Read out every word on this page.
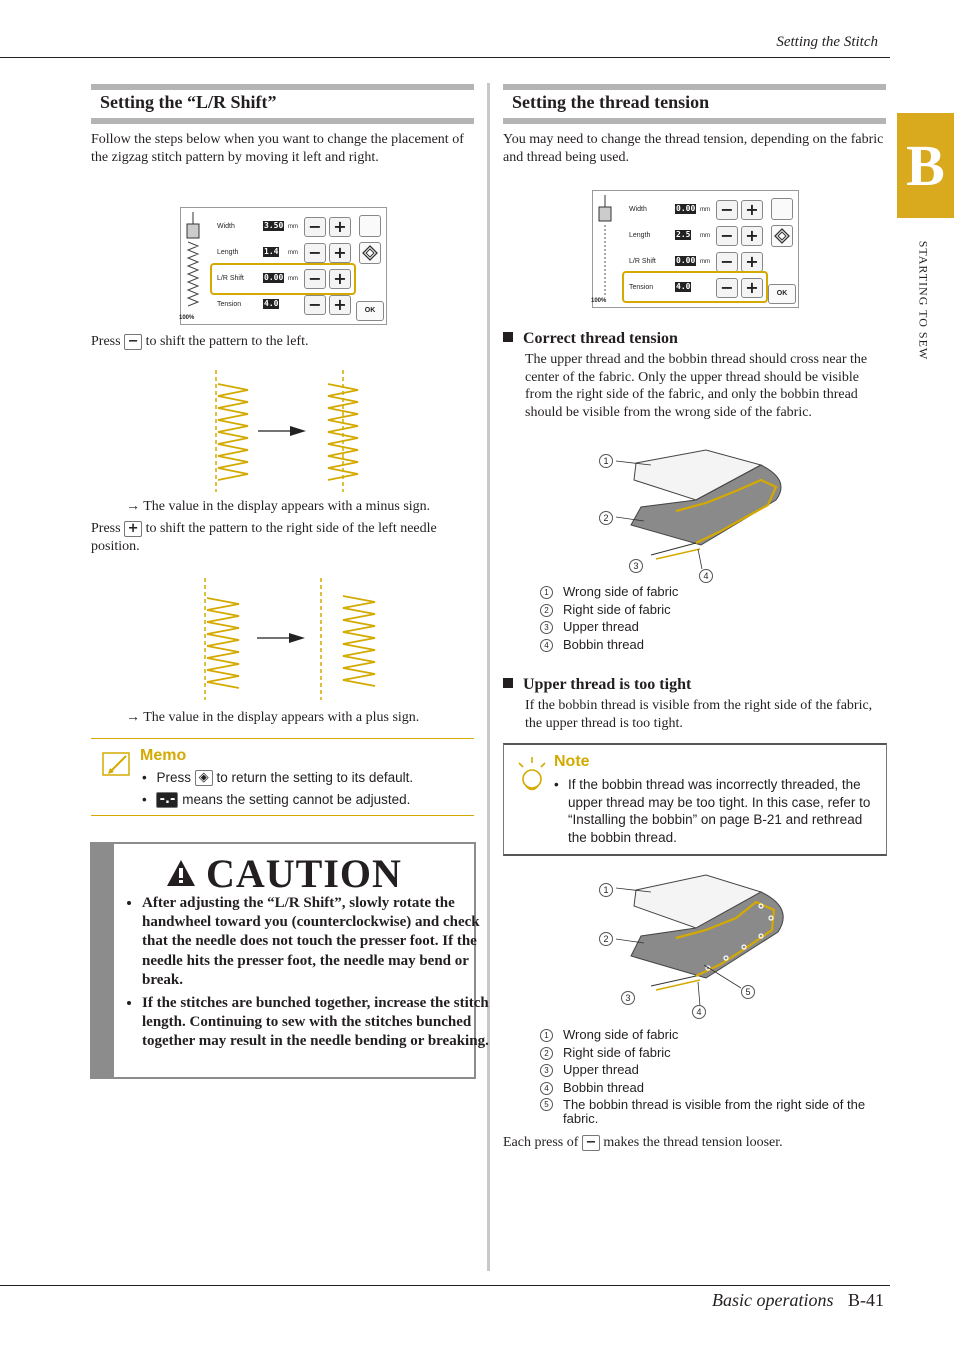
Setting the Stitch
B
STARTING TO SEW
Setting the “L/R Shift”
Follow the steps below when you want to change the placement of the zigzag stitch pattern by moving it left and right.
100%
Width	3.50 mm − +
Length	1.4 mm − +
L/R Shift	0.00 mm − +
Tension	4.0 − +	OK
Press − to shift the pattern to the left.
→ The value in the display appears with a minus sign.
Press + to shift the pattern to the right side of the left needle position.
→ The value in the display appears with a plus sign.
Memo
• Press ◈ to return the setting to its default.
• -.- means the setting cannot be adjusted.
CAUTION
• After adjusting the “L/R Shift”, slowly rotate the handwheel toward you (counterclockwise) and check that the needle does not touch the presser foot. If the needle hits the presser foot, the needle may bend or break.
• If the stitches are bunched together, increase the stitch length. Continuing to sew with the stitches bunched together may result in the needle bending or breaking.
Setting the thread tension
You may need to change the thread tension, depending on the fabric and thread being used.
100%
Width	0.00 mm − +
Length	2.5 mm − +
L/R Shift	0.00 mm − +
Tension	4.0 − +	OK
Correct thread tension
The upper thread and the bobbin thread should cross near the center of the fabric. Only the upper thread should be visible from the right side of the fabric, and only the bobbin thread should be visible from the wrong side of the fabric.
1
2
3
4
1 Wrong side of fabric
2 Right side of fabric
3 Upper thread
4 Bobbin thread
Upper thread is too tight
If the bobbin thread is visible from the right side of the fabric, the upper thread is too tight.
Note
• If the bobbin thread was incorrectly threaded, the upper thread may be too tight. In this case, refer to “Installing the bobbin” on page B-21 and rethread the bobbin thread.
1
2
3
4
5
1 Wrong side of fabric
2 Right side of fabric
3 Upper thread
4 Bobbin thread
5	The bobbin thread is visible from the right side of the fabric.
Each press of − makes the thread tension looser.
Basic operations B-41
